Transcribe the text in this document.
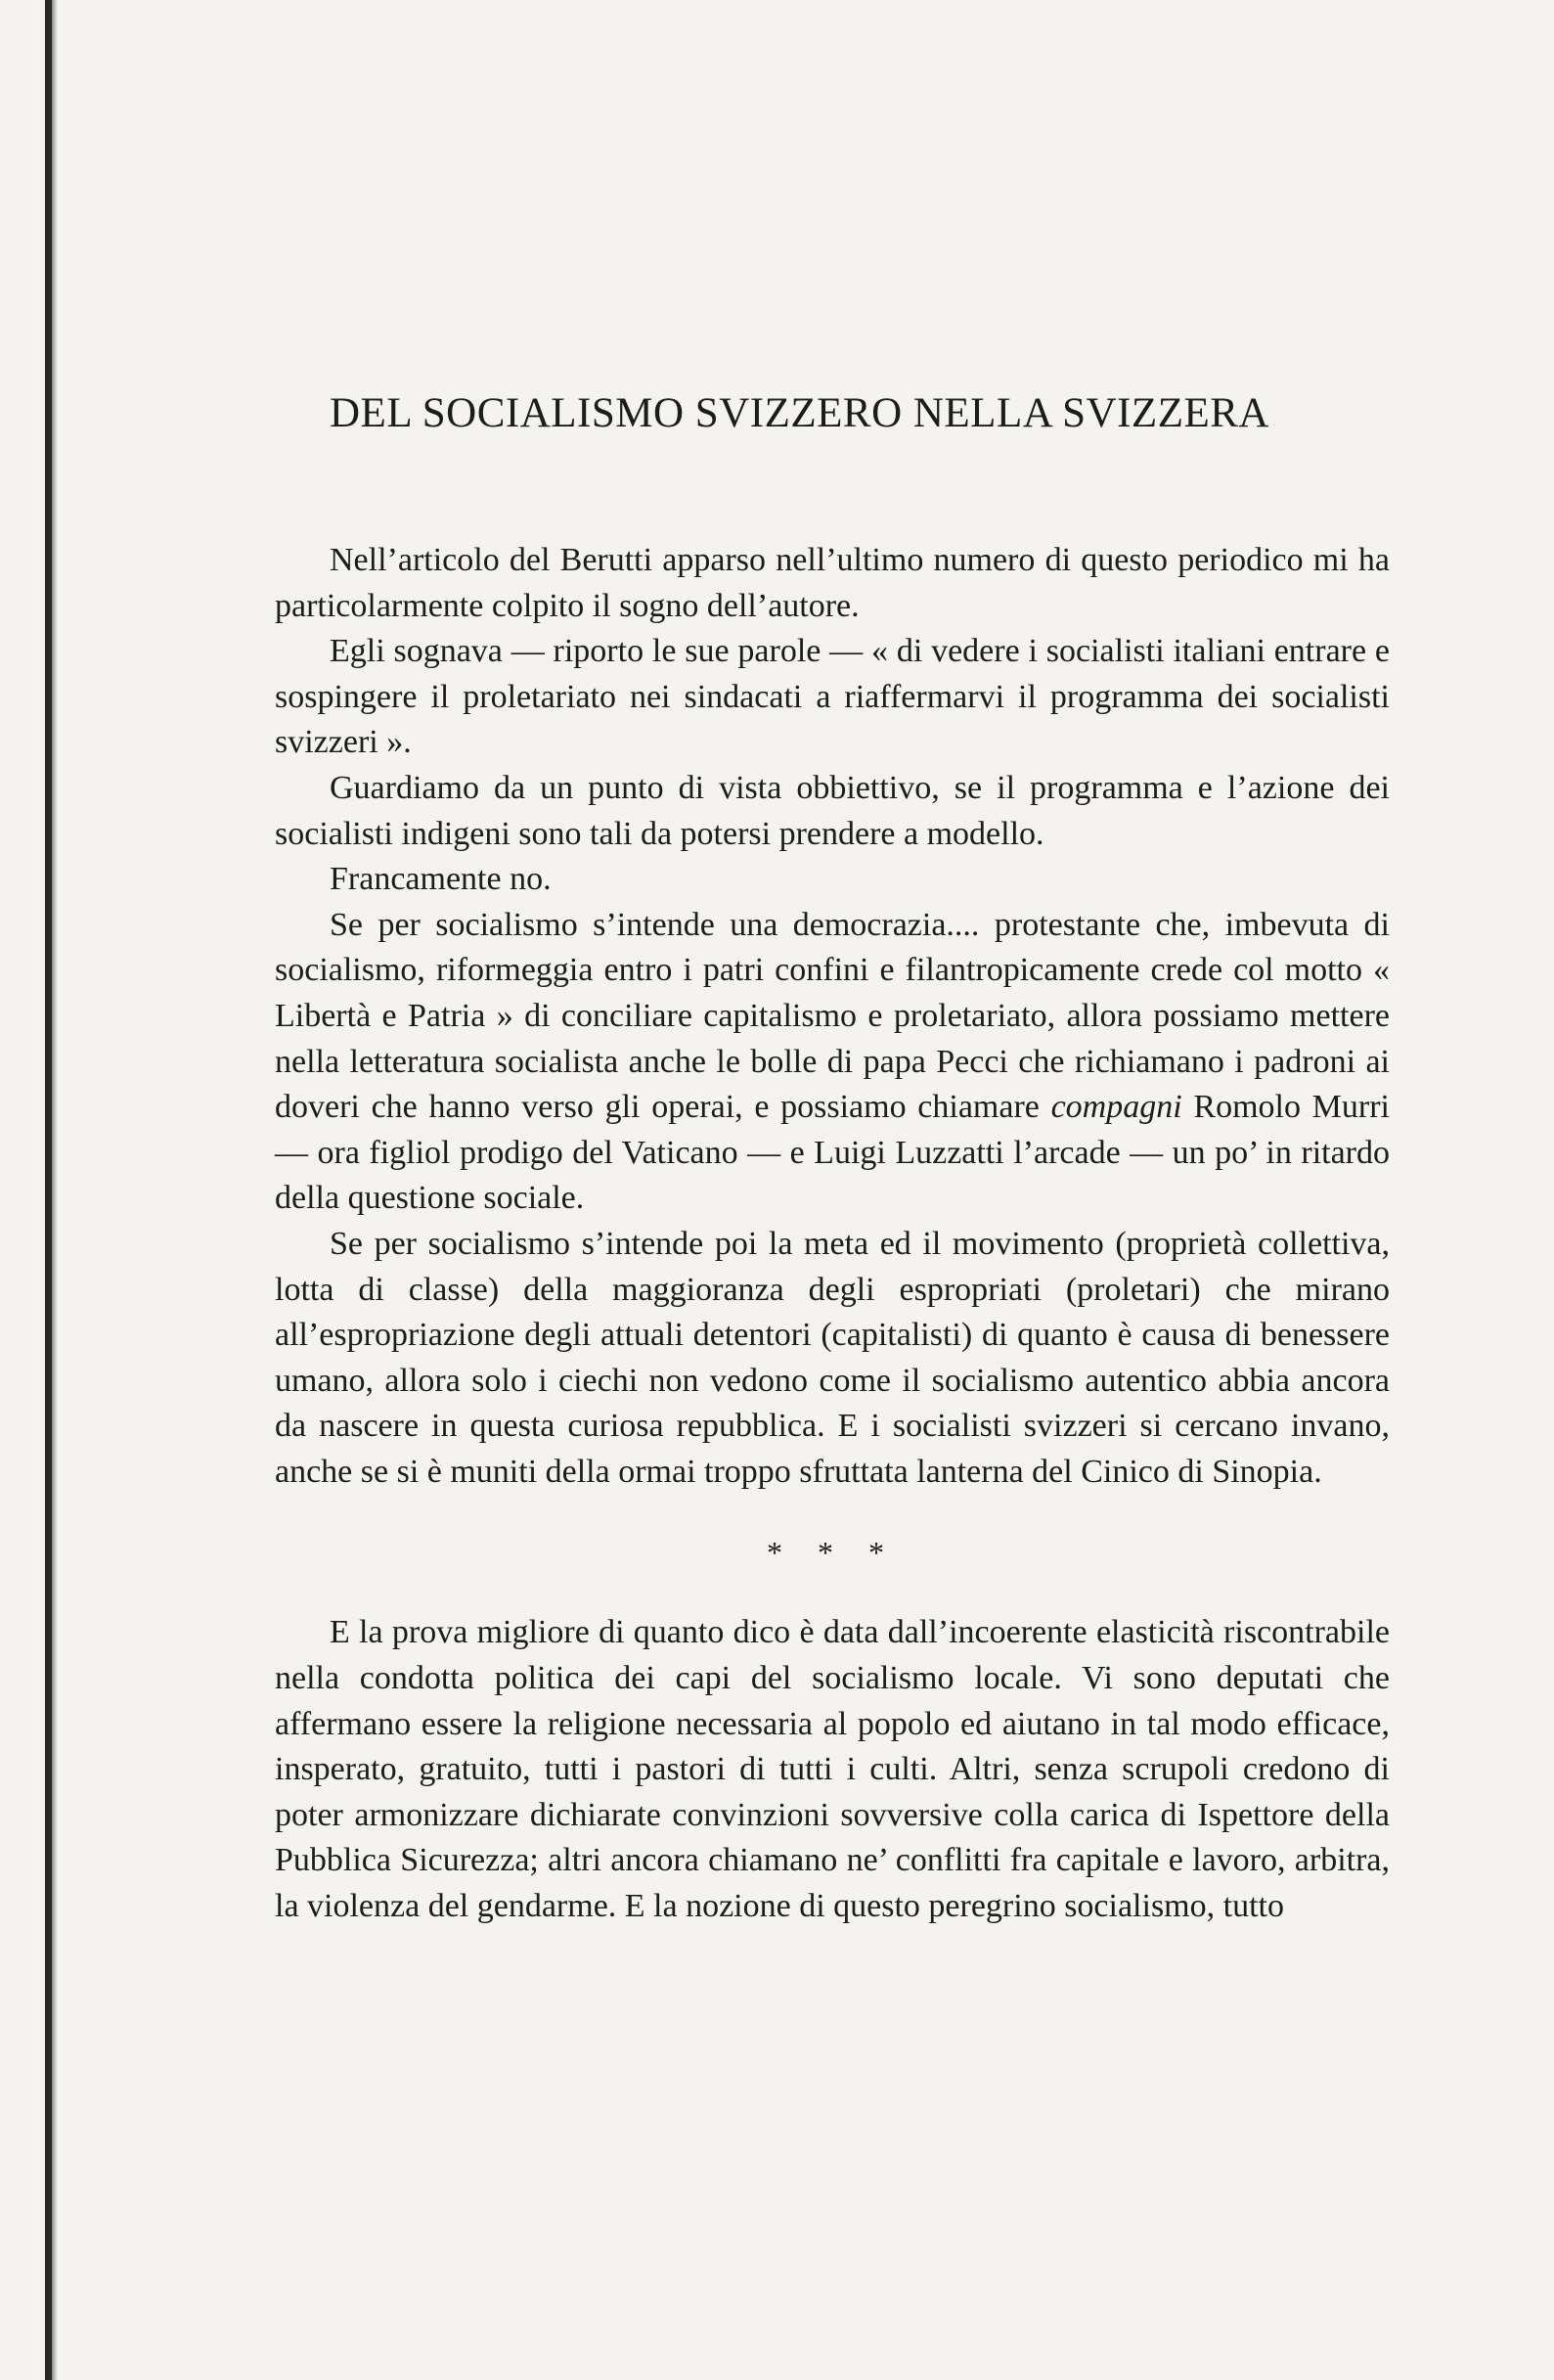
DEL SOCIALISMO SVIZZERO NELLA SVIZZERA

Nell’articolo del Berutti apparso nell’ultimo numero di questo periodico mi ha particolarmente colpito il sogno dell’autore.

Egli sognava — riporto le sue parole — « di vedere i socialisti italiani entrare e sospingere il proletariato nei sindacati a riaffermarvi il programma dei socialisti svizzeri ».

Guardiamo da un punto di vista obbiettivo, se il programma e l’azione dei socialisti indigeni sono tali da potersi prendere a modello.

Francamente no.

Se per socialismo s’intende una democrazia.... protestante che, imbevuta di socialismo, riformeggia entro i patri confini e filantropicamente crede col motto « Libertà e Patria » di conciliare capitalismo e proletariato, allora possiamo mettere nella letteratura socialista anche le bolle di papa Pecci che richiamano i padroni ai doveri che hanno verso gli operai, e possiamo chiamare compagni Romolo Murri — ora figliol prodigo del Vaticano — e Luigi Luzzatti l’arcade — un po’ in ritardo della questione sociale.

Se per socialismo s’intende poi la meta ed il movimento (proprietà collettiva, lotta di classe) della maggioranza degli espropriati (proletari) che mirano all’espropriazione degli attuali detentori (capitalisti) di quanto è causa di benessere umano, allora solo i ciechi non vedono come il socialismo autentico abbia ancora da nascere in questa curiosa repubblica. E i socialisti svizzeri si cercano invano, anche se si è muniti della ormai troppo sfruttata lanterna del Cinico di Sinopia.

* * *

E la prova migliore di quanto dico è data dall’incoerente elasticità riscontrabile nella condotta politica dei capi del socialismo locale. Vi sono deputati che affermano essere la religione necessaria al popolo ed aiutano in tal modo efficace, insperato, gratuito, tutti i pastori di tutti i culti. Altri, senza scrupoli credono di poter armonizzare dichiarate convinzioni sovversive colla carica di Ispettore della Pubblica Sicurezza; altri ancora chiamano ne’ conflitti fra capitale e lavoro, arbitra, la violenza del gendarme. E la nozione di questo peregrino socialismo, tutto
